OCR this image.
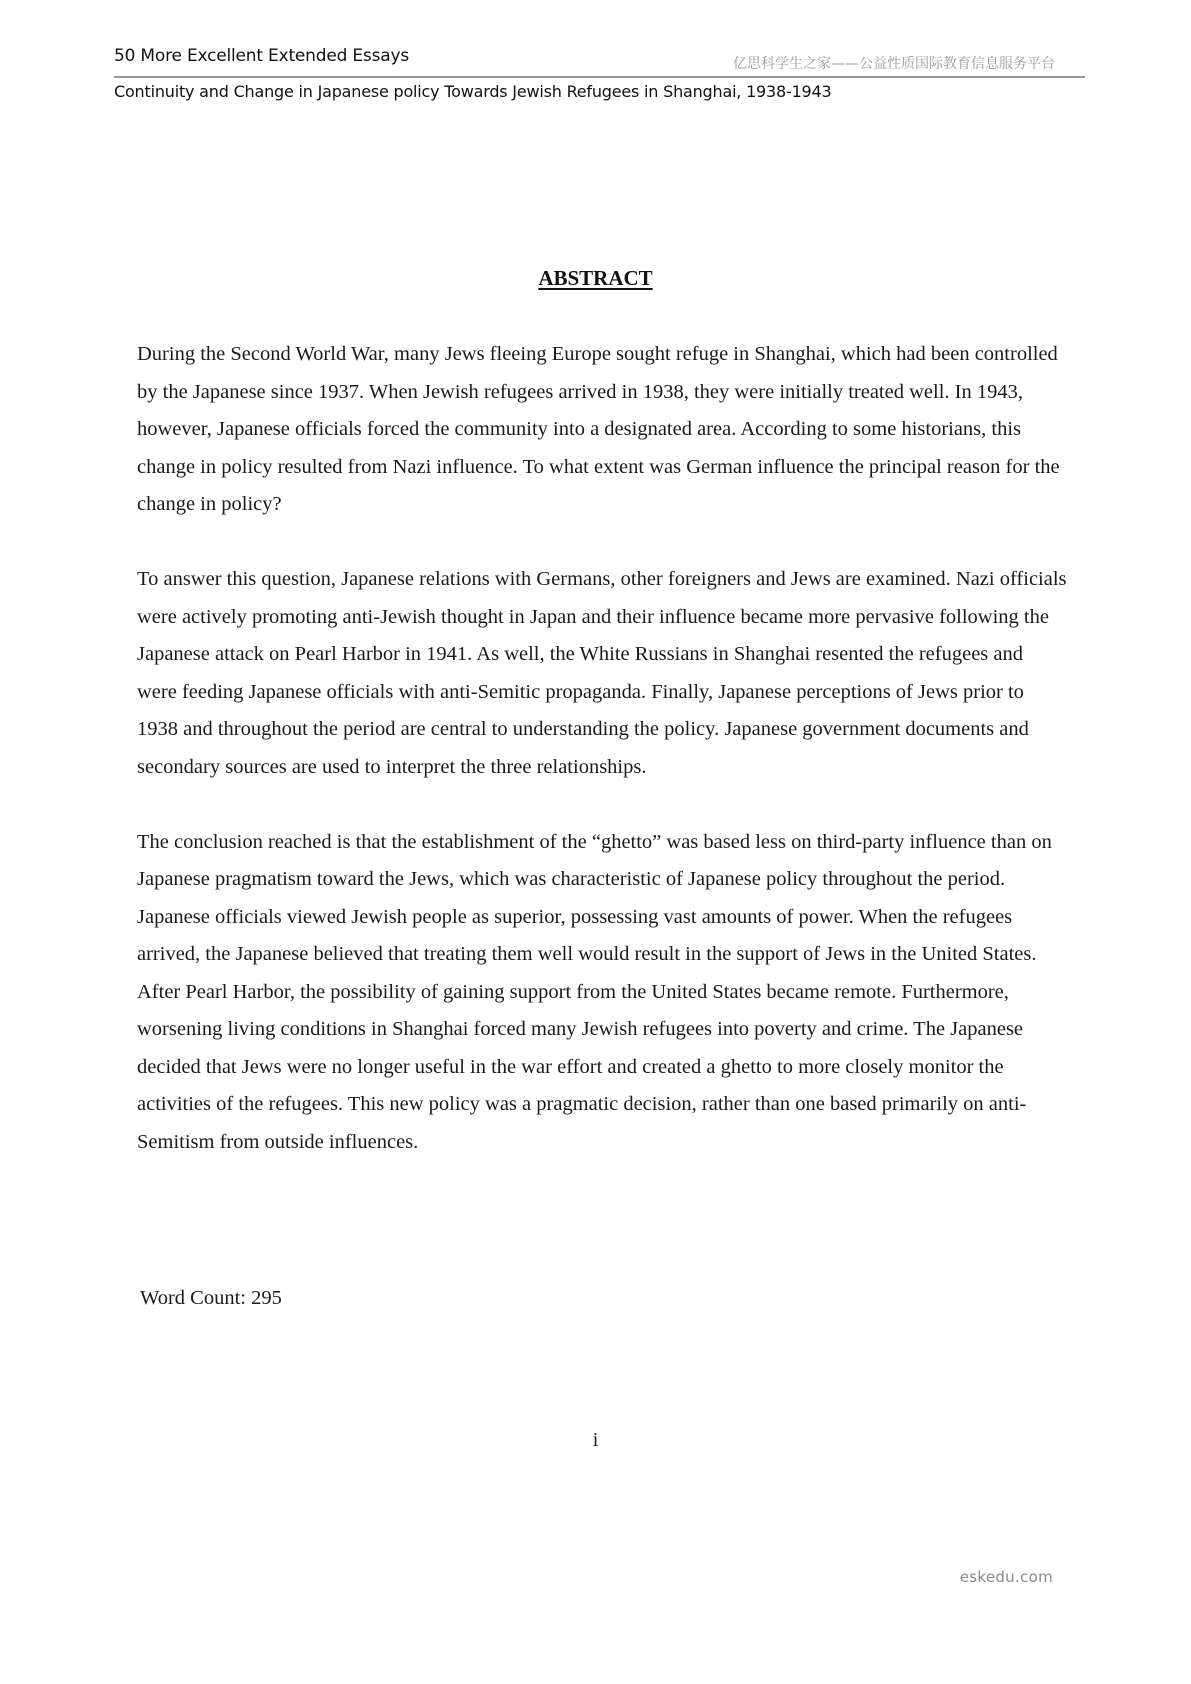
50 More Excellent Extended Essays	亿思科学生之家——公益性质国际教育信息服务平台
Continuity and Change in Japanese policy Towards Jewish Refugees in Shanghai, 1938-1943
ABSTRACT

During the Second World War, many Jews fleeing Europe sought refuge in Shanghai, which had been controlled by the Japanese since 1937. When Jewish refugees arrived in 1938, they were initially treated well. In 1943, however, Japanese officials forced the community into a designated area. According to some historians, this change in policy resulted from Nazi influence. To what extent was German influence the principal reason for the change in policy?

To answer this question, Japanese relations with Germans, other foreigners and Jews are examined. Nazi officials were actively promoting anti-Jewish thought in Japan and their influence became more pervasive following the Japanese attack on Pearl Harbor in 1941. As well, the White Russians in Shanghai resented the refugees and were feeding Japanese officials with anti-Semitic propaganda. Finally, Japanese perceptions of Jews prior to 1938 and throughout the period are central to understanding the policy. Japanese government documents and secondary sources are used to interpret the three relationships.

The conclusion reached is that the establishment of the “ghetto” was based less on third-party influence than on Japanese pragmatism toward the Jews, which was characteristic of Japanese policy throughout the period. Japanese officials viewed Jewish people as superior, possessing vast amounts of power. When the refugees arrived, the Japanese believed that treating them well would result in the support of Jews in the United States. After Pearl Harbor, the possibility of gaining support from the United States became remote. Furthermore, worsening living conditions in Shanghai forced many Jewish refugees into poverty and crime. The Japanese decided that Jews were no longer useful in the war effort and created a ghetto to more closely monitor the activities of the refugees. This new policy was a pragmatic decision, rather than one based primarily on anti-Semitism from outside influences.

Word Count: 295
i
eskedu.com
